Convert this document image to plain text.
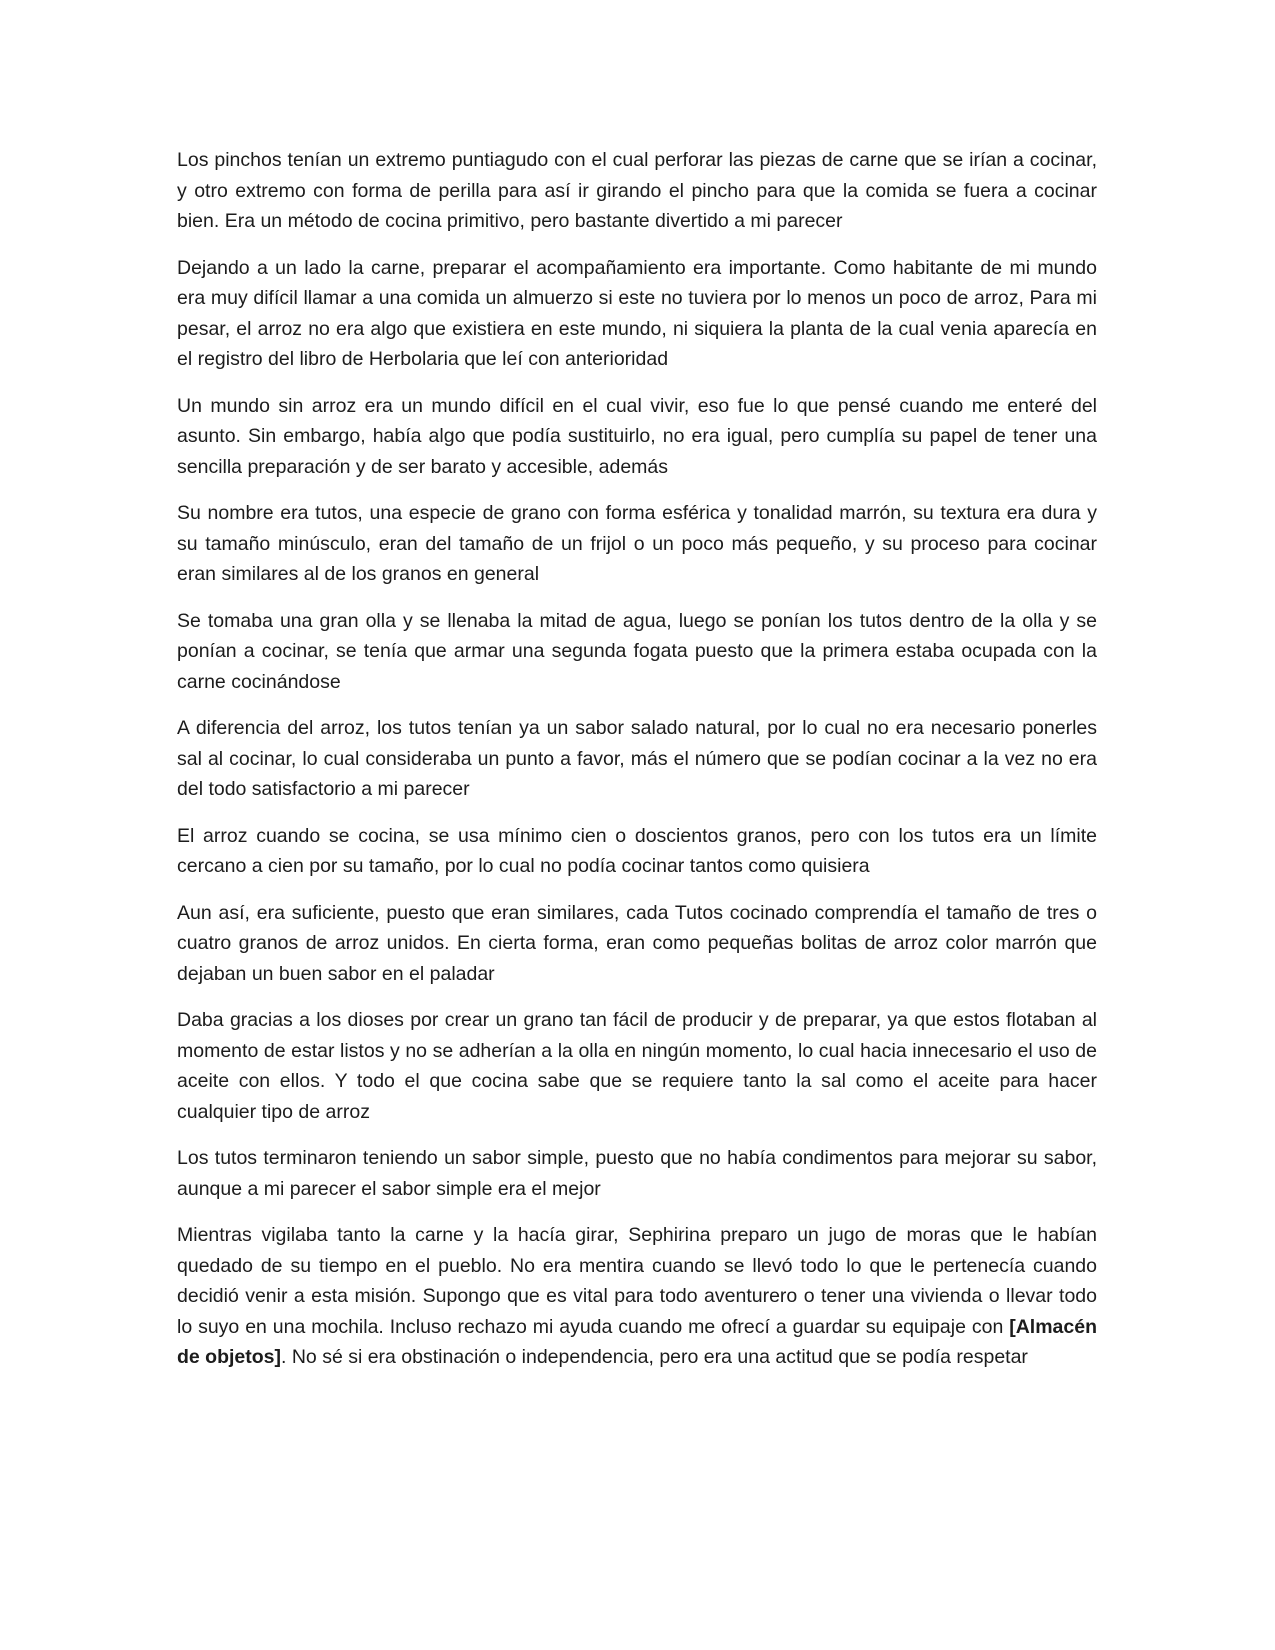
Los pinchos tenían un extremo puntiagudo con el cual perforar las piezas de carne que se irían a cocinar, y otro extremo con forma de perilla para así ir girando el pincho para que la comida se fuera a cocinar bien. Era un método de cocina primitivo, pero bastante divertido a mi parecer

Dejando a un lado la carne, preparar el acompañamiento era importante. Como habitante de mi mundo era muy difícil llamar a una comida un almuerzo si este no tuviera por lo menos un poco de arroz, Para mi pesar, el arroz no era algo que existiera en este mundo, ni siquiera la planta de la cual venia aparecía en el registro del libro de Herbolaria que leí con anterioridad

Un mundo sin arroz era un mundo difícil en el cual vivir, eso fue lo que pensé cuando me enteré del asunto. Sin embargo, había algo que podía sustituirlo, no era igual, pero cumplía su papel de tener una sencilla preparación y de ser barato y accesible, además

Su nombre era tutos, una especie de grano con forma esférica y tonalidad marrón, su textura era dura y su tamaño minúsculo, eran del tamaño de un frijol o un poco más pequeño, y su proceso para cocinar eran similares al de los granos en general

Se tomaba una gran olla y se llenaba la mitad de agua, luego se ponían los tutos dentro de la olla y se ponían a cocinar, se tenía que armar una segunda fogata puesto que la primera estaba ocupada con la carne cocinándose

A diferencia del arroz, los tutos tenían ya un sabor salado natural, por lo cual no era necesario ponerles sal al cocinar, lo cual consideraba un punto a favor, más el número que se podían cocinar a la vez no era del todo satisfactorio a mi parecer

El arroz cuando se cocina, se usa mínimo cien o doscientos granos, pero con los tutos era un límite cercano a cien por su tamaño, por lo cual no podía cocinar tantos como quisiera

Aun así, era suficiente, puesto que eran similares, cada Tutos cocinado comprendía el tamaño de tres o cuatro granos de arroz unidos. En cierta forma, eran como pequeñas bolitas de arroz color marrón que dejaban un buen sabor en el paladar

Daba gracias a los dioses por crear un grano tan fácil de producir y de preparar, ya que estos flotaban al momento de estar listos y no se adherían a la olla en ningún momento, lo cual hacia innecesario el uso de aceite con ellos. Y todo el que cocina sabe que se requiere tanto la sal como el aceite para hacer cualquier tipo de arroz

Los tutos terminaron teniendo un sabor simple, puesto que no había condimentos para mejorar su sabor, aunque a mi parecer el sabor simple era el mejor

Mientras vigilaba tanto la carne y la hacía girar, Sephirina preparo un jugo de moras que le habían quedado de su tiempo en el pueblo. No era mentira cuando se llevó todo lo que le pertenecía cuando decidió venir a esta misión. Supongo que es vital para todo aventurero o tener una vivienda o llevar todo lo suyo en una mochila. Incluso rechazo mi ayuda cuando me ofrecí a guardar su equipaje con [Almacén de objetos]. No sé si era obstinación o independencia, pero era una actitud que se podía respetar
